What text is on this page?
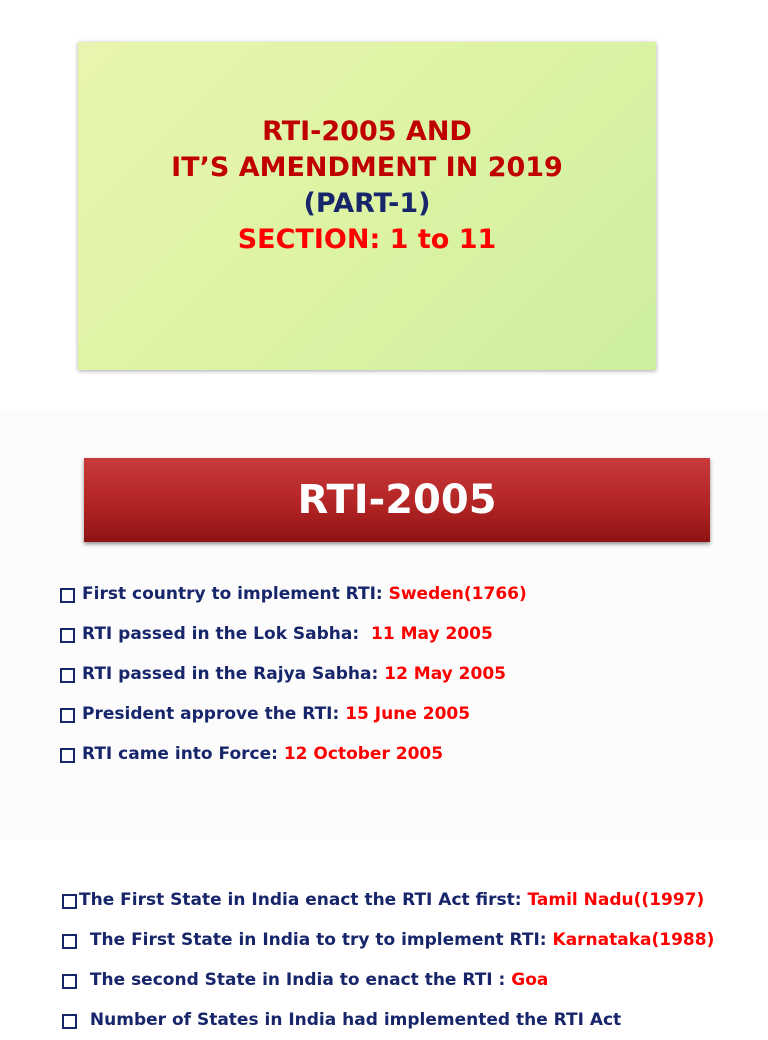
RTI-2005 AND
IT’S AMENDMENT IN 2019
(PART-1)
SECTION: 1 to 11
RTI-2005
First country to implement RTI: Sweden(1766)
RTI passed in the Lok Sabha: 11 May 2005
RTI passed in the Rajya Sabha: 12 May 2005
President approve the RTI: 15 June 2005
RTI came into Force: 12 October 2005
The First State in India enact the RTI Act first: Tamil Nadu((1997)
The First State in India to try to implement RTI: Karnataka(1988)
The second State in India to enact the RTI : Goa
Number of States in India had implemented the RTI Act
